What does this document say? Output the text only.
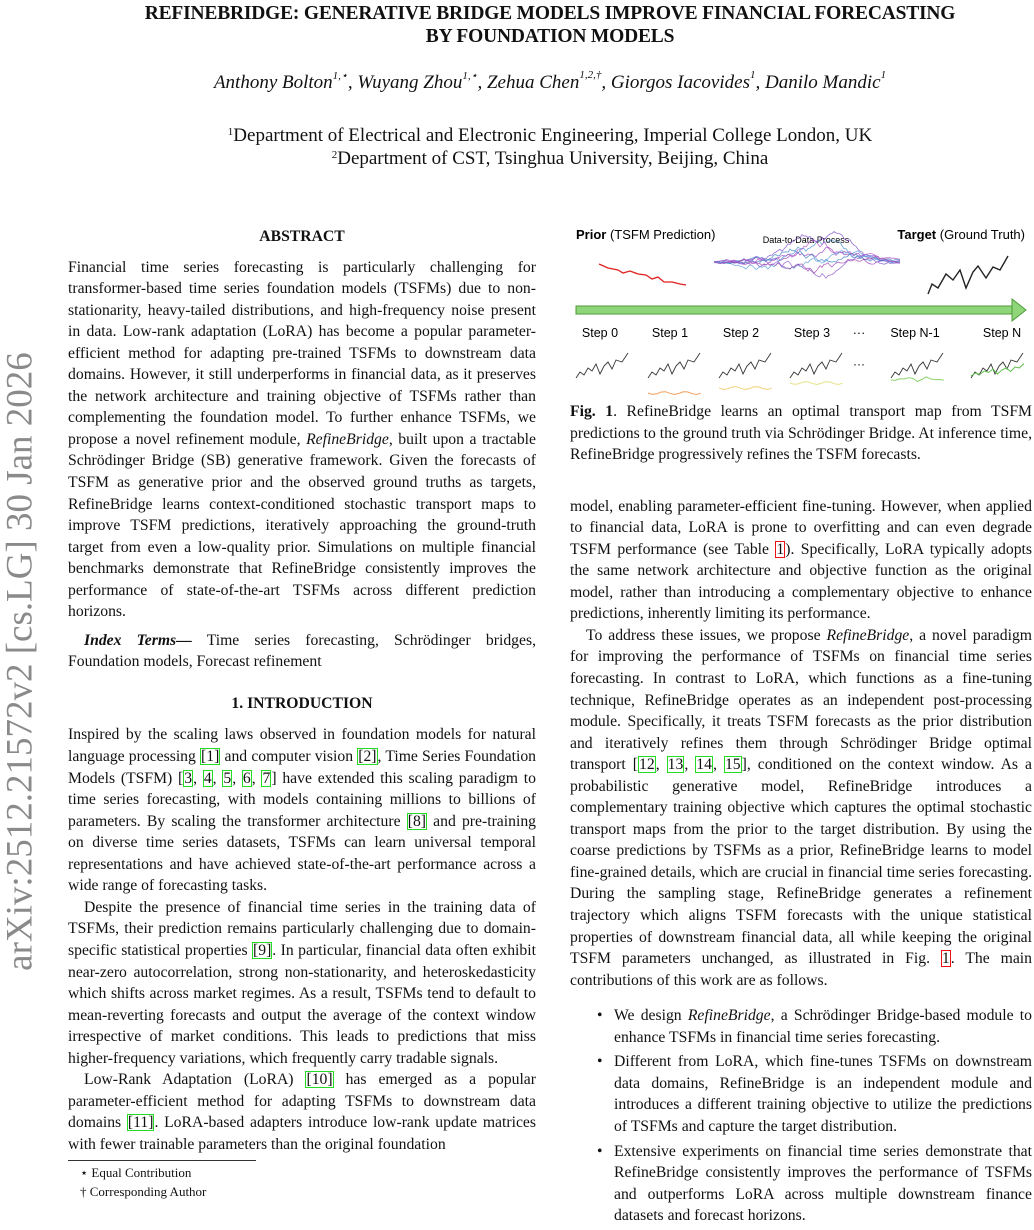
REFINEBRIDGE: GENERATIVE BRIDGE MODELS IMPROVE FINANCIAL FORECASTING
BY FOUNDATION MODELS
Anthony Bolton$^{1,⋆}$, Wuyang Zhou$^{1,⋆}$, Zehua Chen$^{1,2,\dagger}$, Giorgos Iacovides$^1$, Danilo Mandic$^1$
$^1$Department of Electrical and Electronic Engineering, Imperial College London, UK
$^2$Department of CST, Tsinghua University, Beijing, China
arXiv:2512.21572v2 [cs.LG] 30 Jan 2026
ABSTRACT

Financial time series forecasting is particularly challenging for transformer-based time series foundation models (TSFMs) due to non-stationarity, heavy-tailed distributions, and high-frequency noise present in data. Low-rank adaptation (LoRA) has become a popular parameter-efficient method for adapting pre-trained TSFMs to downstream data domains. However, it still underperforms in financial data, as it preserves the network architecture and training objective of TSFMs rather than complementing the foundation model. To further enhance TSFMs, we propose a novel refinement module, RefineBridge, built upon a tractable Schrödinger Bridge (SB) generative framework. Given the forecasts of TSFM as generative prior and the observed ground truths as targets, RefineBridge learns context-conditioned stochastic transport maps to improve TSFM predictions, iteratively approaching the ground-truth target from even a low-quality prior. Simulations on multiple financial benchmarks demonstrate that RefineBridge consistently improves the performance of state-of-the-art TSFMs across different prediction horizons.

Index Terms— Time series forecasting, Schrödinger bridges, Foundation models, Forecast refinement

1. INTRODUCTION

Inspired by the scaling laws observed in foundation models for natural language processing [1] and computer vision [2], Time Series Foundation Models (TSFM) [3, 4, 5, 6, 7] have extended this scaling paradigm to time series forecasting, with models containing millions to billions of parameters. By scaling the transformer architecture [8] and pre-training on diverse time series datasets, TSFMs can learn universal temporal representations and have achieved state-of-the-art performance across a wide range of forecasting tasks.

Despite the presence of financial time series in the training data of TSFMs, their prediction remains particularly challenging due to domain-specific statistical properties [9]. In particular, financial data often exhibit near-zero autocorrelation, strong non-stationarity, and heteroskedasticity which shifts across market regimes. As a result, TSFMs tend to default to mean-reverting forecasts and output the average of the context window irrespective of market conditions. This leads to predictions that miss higher-frequency variations, which frequently carry tradable signals.

Low-Rank Adaptation (LoRA) [10] has emerged as a popular parameter-efficient method for adapting TSFMs to downstream data domains [11]. LoRA-based adapters introduce low-rank update matrices with fewer trainable parameters than the original foundation

⋆ Equal Contribution
† Corresponding Author
Prior (TSFM Prediction)	Data-to-Data Process	Target (Ground Truth)
Step 0	Step 1	Step 2	Step 3 ··· Step N-1	Step N
···

Fig. 1. RefineBridge learns an optimal transport map from TSFM predictions to the ground truth via Schrödinger Bridge. At inference time, RefineBridge progressively refines the TSFM forecasts.

model, enabling parameter-efficient fine-tuning. However, when applied to financial data, LoRA is prone to overfitting and can even degrade TSFM performance (see Table 1). Specifically, LoRA typically adopts the same network architecture and objective function as the original model, rather than introducing a complementary objective to enhance predictions, inherently limiting its performance.

To address these issues, we propose RefineBridge, a novel paradigm for improving the performance of TSFMs on financial time series forecasting. In contrast to LoRA, which functions as a fine-tuning technique, RefineBridge operates as an independent post-processing module. Specifically, it treats TSFM forecasts as the prior distribution and iteratively refines them through Schrödinger Bridge optimal transport [12, 13, 14, 15], conditioned on the context window. As a probabilistic generative model, RefineBridge introduces a complementary training objective which captures the optimal stochastic transport maps from the prior to the target distribution. By using the coarse predictions by TSFMs as a prior, RefineBridge learns to model fine-grained details, which are crucial in financial time series forecasting. During the sampling stage, RefineBridge generates a refinement trajectory which aligns TSFM forecasts with the unique statistical properties of downstream financial data, all while keeping the original TSFM parameters unchanged, as illustrated in Fig. 1. The main contributions of this work are as follows.

• We design RefineBridge, a Schrödinger Bridge-based module to enhance TSFMs in financial time series forecasting.
• Different from LoRA, which fine-tunes TSFMs on downstream data domains, RefineBridge is an independent module and introduces a different training objective to utilize the predictions of TSFMs and capture the target distribution.
• Extensive experiments on financial time series demonstrate that RefineBridge consistently improves the performance of TSFMs and outperforms LoRA across multiple downstream finance datasets and forecast horizons.
